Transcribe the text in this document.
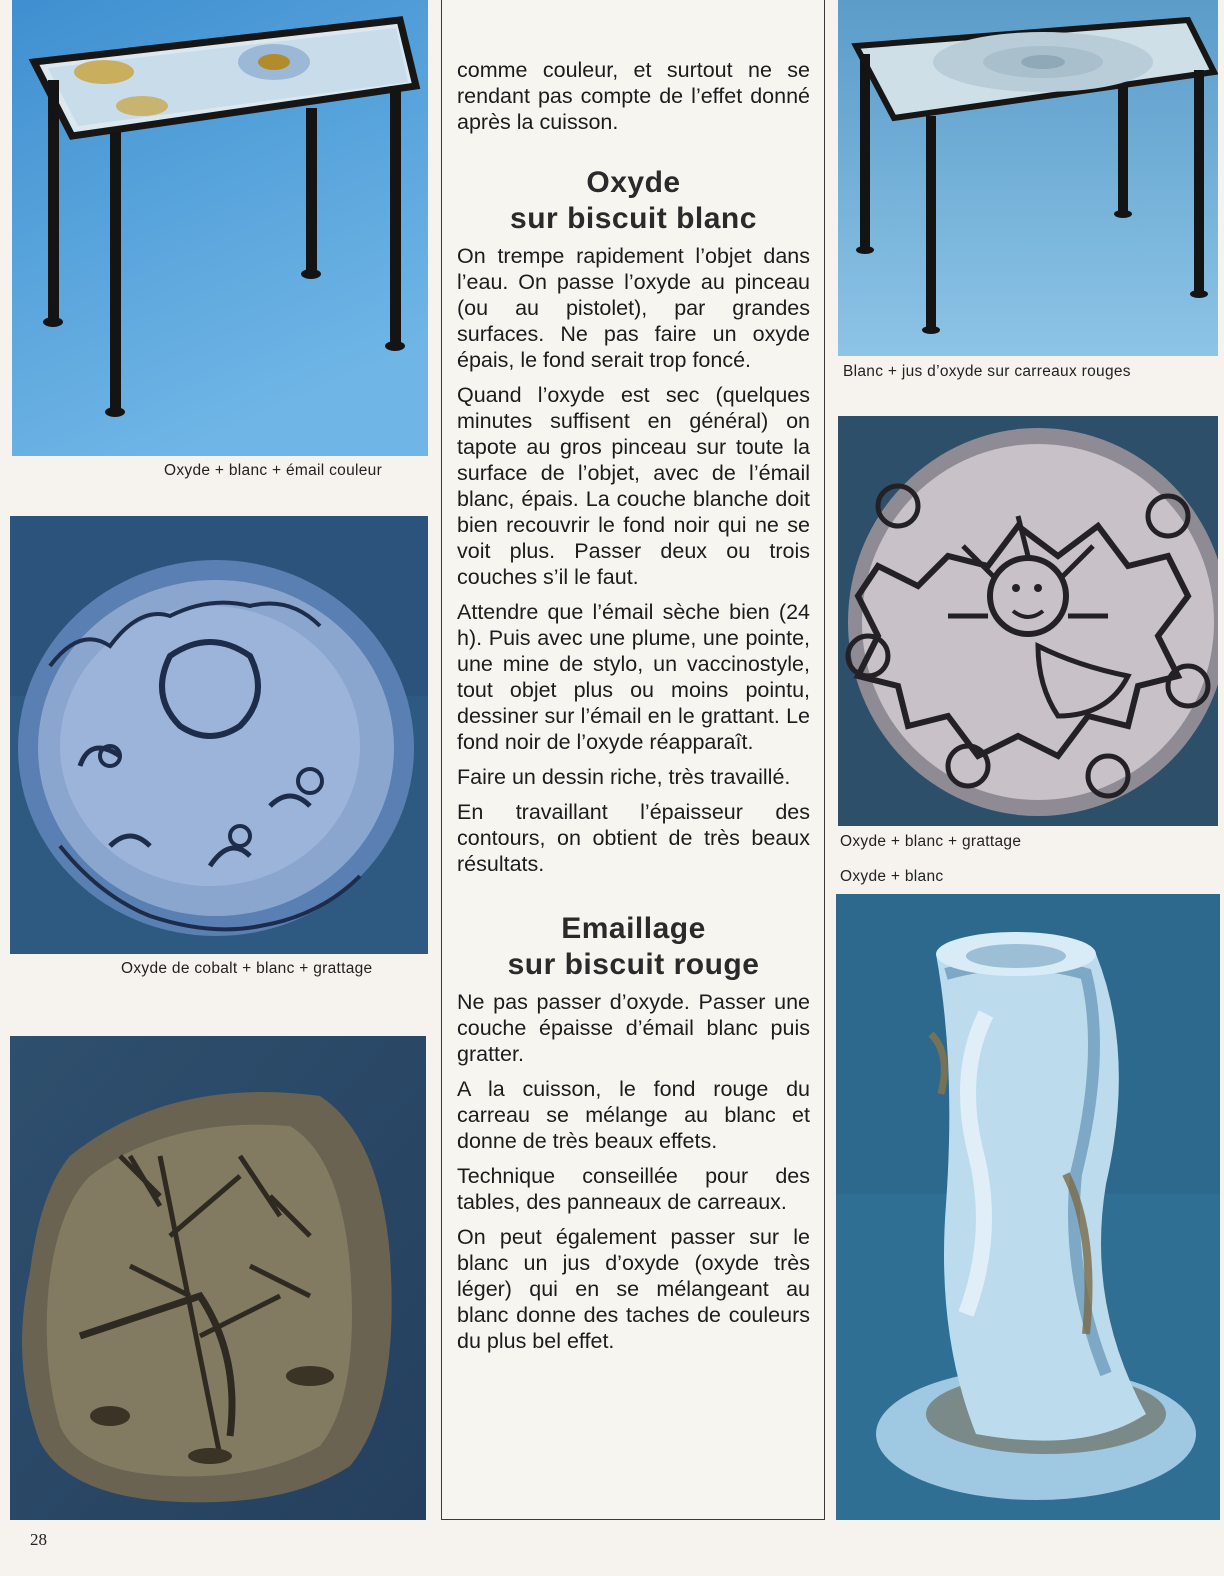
Oxyde + blanc + émail couleur
Oxyde de cobalt + blanc + grattage

comme couleur, et surtout ne se rendant pas compte de l’effet donné après la cuisson.

Oxyde
sur biscuit blanc

On trempe rapidement l’objet dans l’eau. On passe l’oxyde au pinceau (ou au pistolet), par grandes surfaces. Ne pas faire un oxyde épais, le fond serait trop foncé.

Quand l’oxyde est sec (quelques minutes suffisent en général) on tapote au gros pinceau sur toute la surface de l’objet, avec de l’émail blanc, épais. La couche blanche doit bien recouvrir le fond noir qui ne se voit plus. Passer deux ou trois couches s’il le faut.

Attendre que l’émail sèche bien (24 h). Puis avec une plume, une pointe, une mine de stylo, un vaccinostyle, tout objet plus ou moins pointu, dessiner sur l’émail en le grattant. Le fond noir de l’oxyde réapparaît.

Faire un dessin riche, très travaillé.

En travaillant l’épaisseur des contours, on obtient de très beaux résultats.

Emaillage
sur biscuit rouge

Ne pas passer d’oxyde. Passer une couche épaisse d’émail blanc puis gratter.

A la cuisson, le fond rouge du carreau se mélange au blanc et donne de très beaux effets.

Technique conseillée pour des tables, des panneaux de carreaux.

On peut également passer sur le blanc un jus d’oxyde (oxyde très léger) qui en se mélangeant au blanc donne des taches de couleurs du plus bel effet.

Blanc + jus d’oxyde sur carreaux rouges
Oxyde + blanc + grattage
Oxyde + blanc
28
